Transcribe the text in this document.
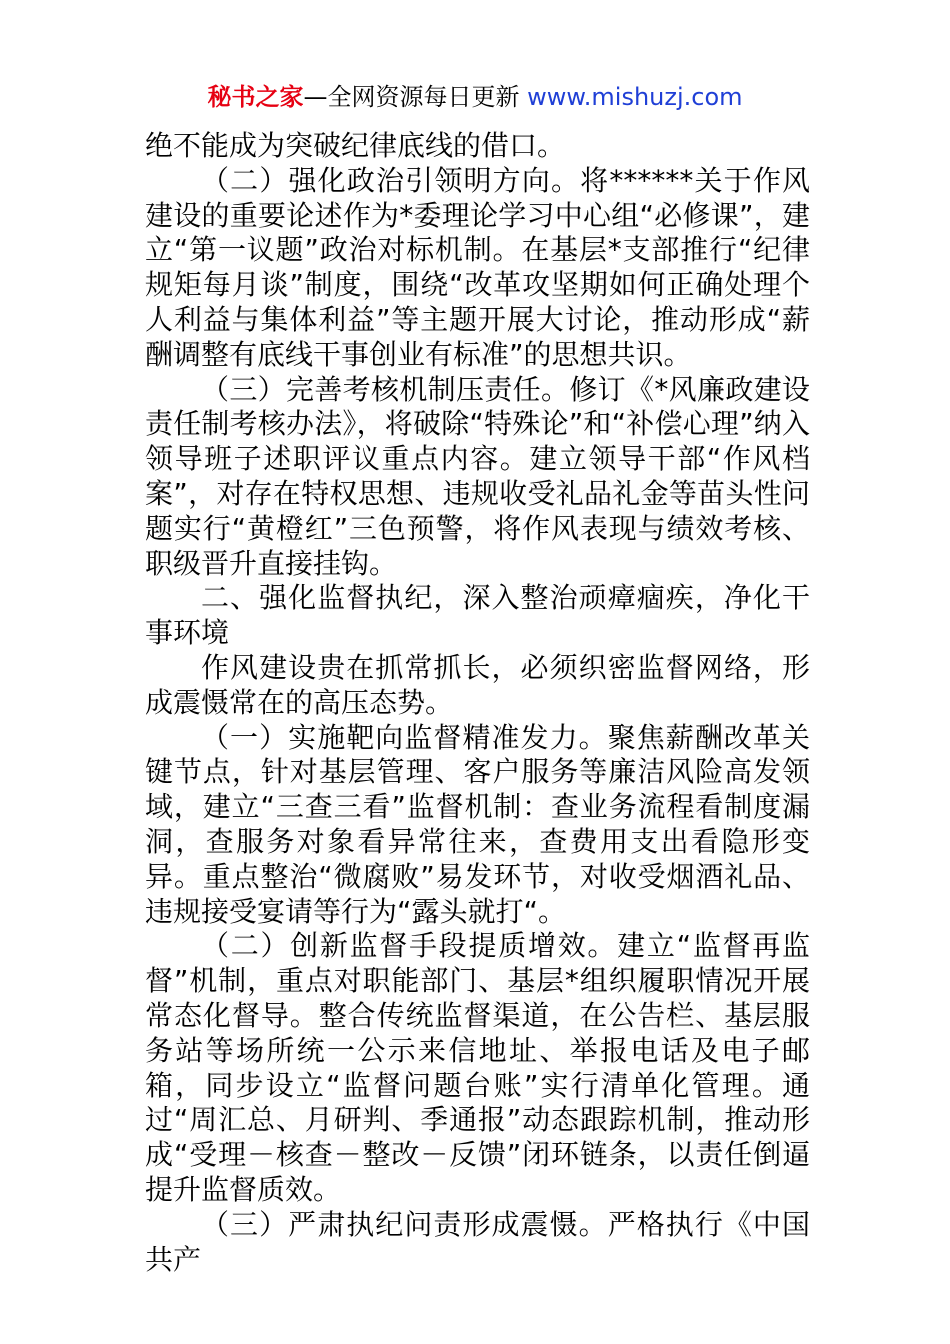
秘书之家—全网资源每日更新 www.mishuzj.com

绝不能成为突破纪律底线的借口。

（二）强化政治引领明方向。将******关于作风建设的重要论述作为*委理论学习中心组“必修课”，建立“第一议题”政治对标机制。在基层*支部推行“纪律规矩每月谈”制度，围绕“改革攻坚期如何正确处理个人利益与集体利益”等主题开展大讨论，推动形成“薪酬调整有底线干事创业有标准”的思想共识。

（三）完善考核机制压责任。修订《*风廉政建设责任制考核办法》，将破除“特殊论”和“补偿心理”纳入领导班子述职评议重点内容。建立领导干部“作风档案”，对存在特权思想、违规收受礼品礼金等苗头性问题实行“黄橙红”三色预警，将作风表现与绩效考核、职级晋升直接挂钩。

二、强化监督执纪，深入整治顽瘴痼疾，净化干事环境

作风建设贵在抓常抓长，必须织密监督网络，形成震慑常在的高压态势。

（一）实施靶向监督精准发力。聚焦薪酬改革关键节点，针对基层管理、客户服务等廉洁风险高发领域，建立“三查三看”监督机制：查业务流程看制度漏洞，查服务对象看异常往来，查费用支出看隐形变异。重点整治“微腐败”易发环节，对收受烟酒礼品、违规接受宴请等行为“露头就打“。

（二）创新监督手段提质增效。建立“监督再监督”机制，重点对职能部门、基层*组织履职情况开展常态化督导。整合传统监督渠道，在公告栏、基层服务站等场所统一公示来信地址、举报电话及电子邮箱，同步设立“监督问题台账”实行清单化管理。通过“周汇总、月研判、季通报”动态跟踪机制，推动形成“受理－核查－整改－反馈”闭环链条，以责任倒逼提升监督质效。

（三）严肃执纪问责形成震慑。严格执行《中国共产
